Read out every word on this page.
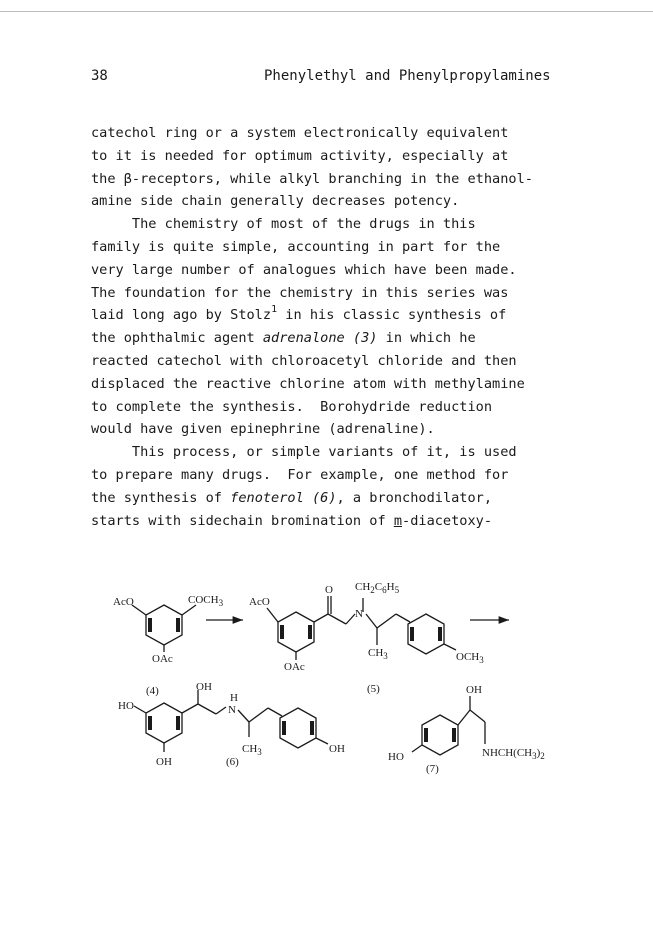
38	Phenylethyl and Phenylpropylamines

catechol ring or a system electronically equivalent

to it is needed for optimum activity, especially at

the β-receptors, while alkyl branching in the ethanol-

amine side chain generally decreases potency.

The chemistry of most of the drugs in this

family is quite simple, accounting in part for the

very large number of analogues which have been made.

The foundation for the chemistry in this series was

laid long ago by Stolz$^1$ in his classic synthesis of

the ophthalmic agent adrenalone (3) in which he

reacted catechol with chloroacetyl chloride and then

displaced the reactive chlorine atom with methylamine

to complete the synthesis.  Borohydride reduction

would have given epinephrine (adrenaline).

This process, or simple variants of it, is used

to prepare many drugs.  For example, one method for

the synthesis of fenoterol (6), a bronchodilator,

starts with sidechain bromination of m-diacetoxy-

AcO	$COCH_3$
OAc
(4)
AcO
O
N
$CH_2C_6H_5$
$CH_3$	$OCH_3$
OAc
(5)
HO
OH
H
N
$CH_3$	OH
OH	(6)
OH
HO	$NHCH(CH_3)_2$
(7)
